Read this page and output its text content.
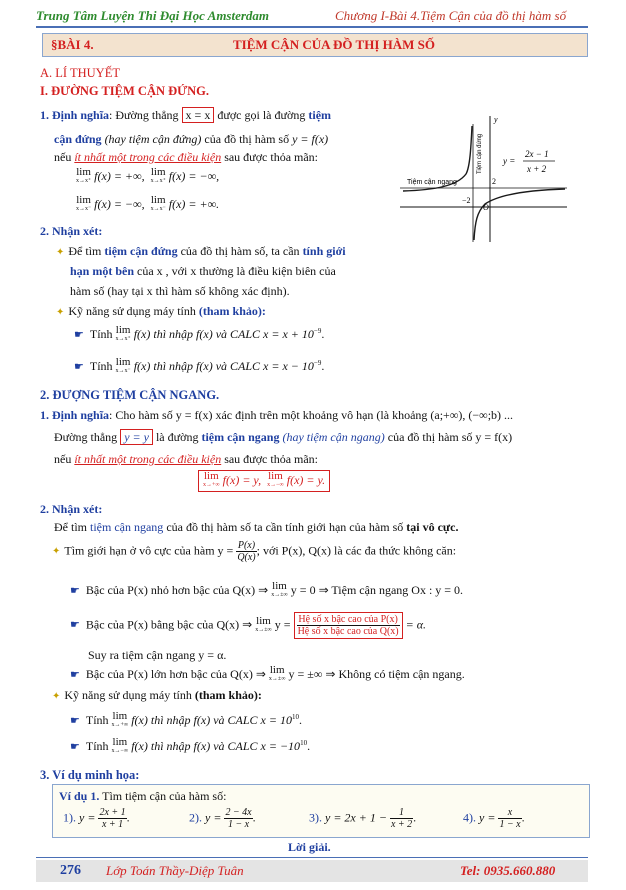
Trung Tâm Luyện Thi Đại Học Amsterdam	Chương I-Bài 4.Tiệm Cận của đồ thị hàm số
§BÀI 4.	TIỆM CẬN CỦA ĐỒ THỊ HÀM SỐ
A. LÍ THUYẾT
I. ĐƯỜNG TIỆM CẬN ĐỨNG.
1. Định nghĩa: Đường thẳng x = x được gọi là đường tiệm
cận đứng (hay tiệm cận đứng) của đồ thị hàm số y = f(x)
nếu ít nhất một trong các điều kiện sau được thỏa mãn:
lim
x→x⁺ f(x) = +∞, lim
x→x⁺ f(x) = −∞,
lim
x→x⁻ f(x) = −∞, lim
x→x⁻ f(x) = +∞.
y
O
2
−2
Tiệm cận ngang
Tiệm cận đứng y =
2x − 1
x + 2
2. Nhận xét:
✦ Để tìm tiệm cận đứng của đồ thị hàm số, ta cần tính giới
hạn một bên của x , với x thường là điều kiện biên của
hàm số (hay tại x thì hàm số không xác định).
✦ Kỹ năng sử dụng máy tính (tham khảo):
☛ Tính lim
x→x⁺ f(x) thì nhập f(x) và CALC $x = x + 10^{-9}$.
☛ Tính lim
x→x⁻ f(x) thì nhập f(x) và CALC $x = x - 10^{-9}$.
2. ĐƯỢNG TIỆM CẬN NGANG.
1. Định nghĩa: Cho hàm số y = f(x) xác định trên một khoảng vô hạn (là khoảng (a;+∞), (−∞;b) ...
Đường thẳng y = y là đường tiệm cận ngang (hay tiệm cận ngang) của đồ thị hàm số y = f(x)
nếu ít nhất một trong các điều kiện sau được thỏa mãn:
lim
x→+∞ f(x) = y, lim
x→−∞ f(x) = y.
2. Nhận xét:
Để tìm tiệm cận ngang của đồ thị hàm số ta cần tính giới hạn của hàm số tại vô cực.
✦ Tìm giới hạn ở vô cực của hàm $y = \frac{P(x)}{Q(x)}$ ; với P(x), Q(x) là các đa thức không căn:
☛ Bậc của P(x) nhỏ hơn bậc của Q(x) ⇒ lim
x→±∞ y = 0 ⇒ Tiệm cận ngang Ox : y = 0.
☛ Bậc của P(x) bằng bậc của Q(x) ⇒ lim
x→±∞ $y = \frac{\text{Hệ số x bậc cao của P(x)}}{\text{Hệ số x bậc cao của Q(x)}} = \alpha$.
Suy ra tiệm cận ngang y = α.
☛ Bậc của P(x) lớn hơn bậc của Q(x) ⇒ lim
x→±∞ y = ±∞ ⇒ Không có tiệm cận ngang.
✦ Kỹ năng sử dụng máy tính (tham khảo):
☛ Tính lim
x→+∞ f(x) thì nhập f(x) và CALC $x = 10^{10}$.
☛ Tính lim
x→−∞ f(x) thì nhập f(x) và CALC $x = -10^{10}$.
3. Ví dụ minh họa:
Ví dụ 1. Tìm tiệm cận của hàm số:
1). $y = \frac{2x + 1}{x + 1}$ .	2). $y = \frac{2 - 4x}{1 - x}$ .	3). $y = 2x + 1 - \frac{1}{x + 2}$ .	4). $y = \frac{x}{1 - x}$ .
Lời giải.
276 Lớp Toán Thầy-Diệp Tuân	Tel: 0935.660.880
